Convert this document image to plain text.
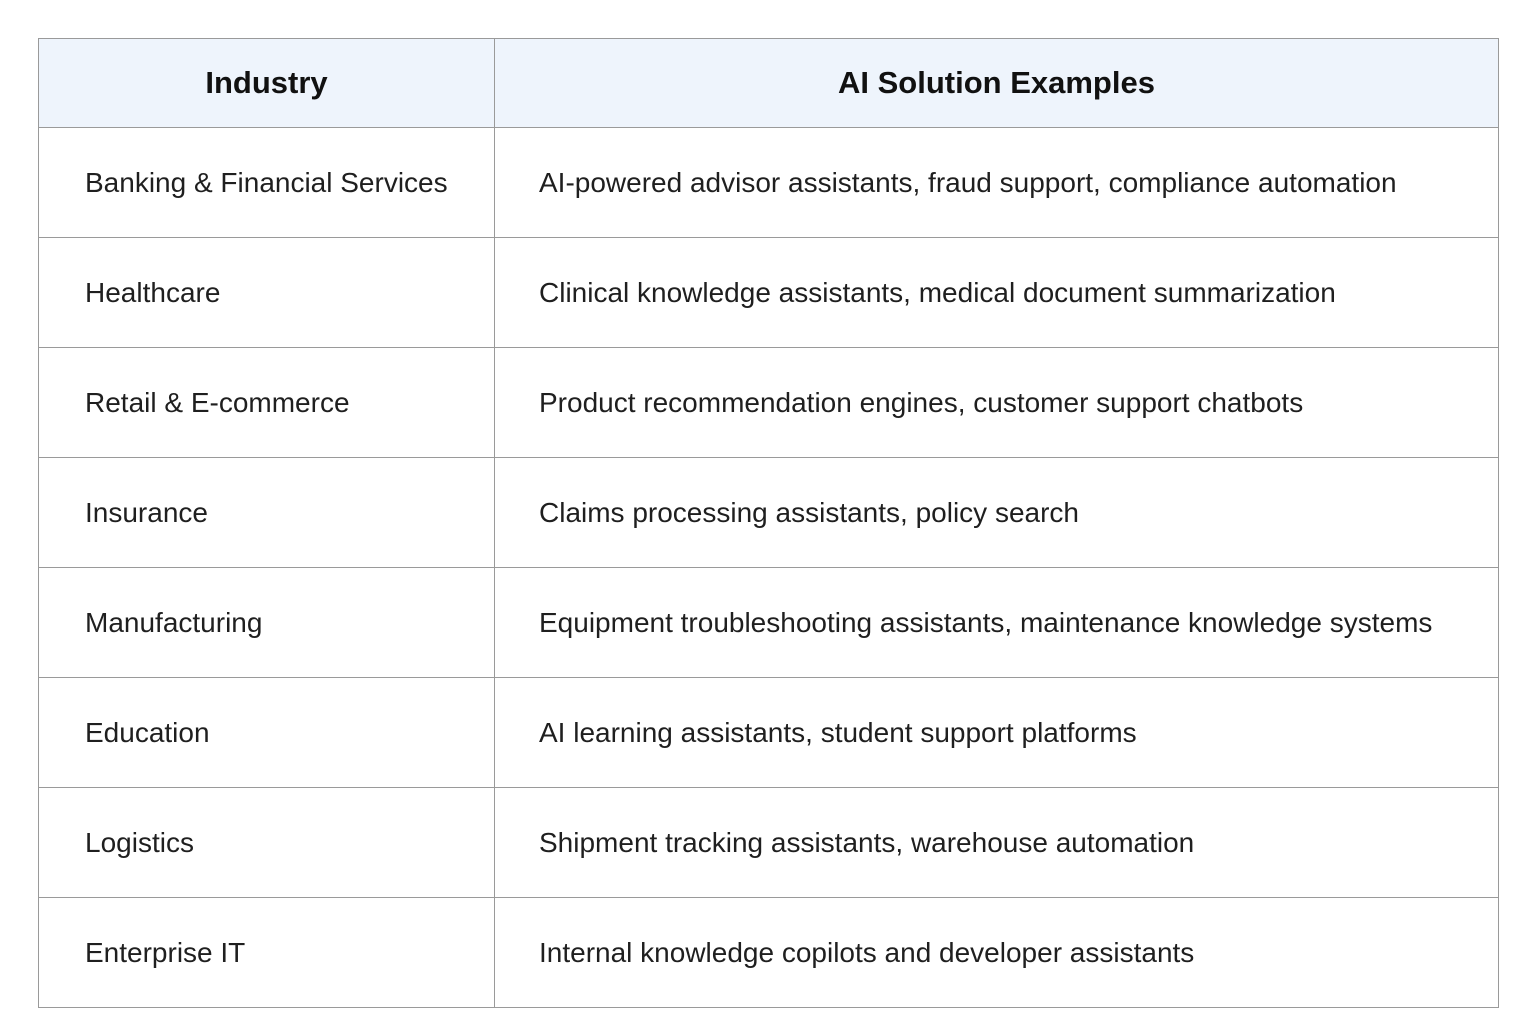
Industry	AI Solution Examples
Banking & Financial Services	AI-powered advisor assistants, fraud support, compliance automation
Healthcare	Clinical knowledge assistants, medical document summarization
Retail & E-commerce	Product recommendation engines, customer support chatbots
Insurance	Claims processing assistants, policy search
Manufacturing	Equipment troubleshooting assistants, maintenance knowledge systems
Education	AI learning assistants, student support platforms
Logistics	Shipment tracking assistants, warehouse automation
Enterprise IT	Internal knowledge copilots and developer assistants
